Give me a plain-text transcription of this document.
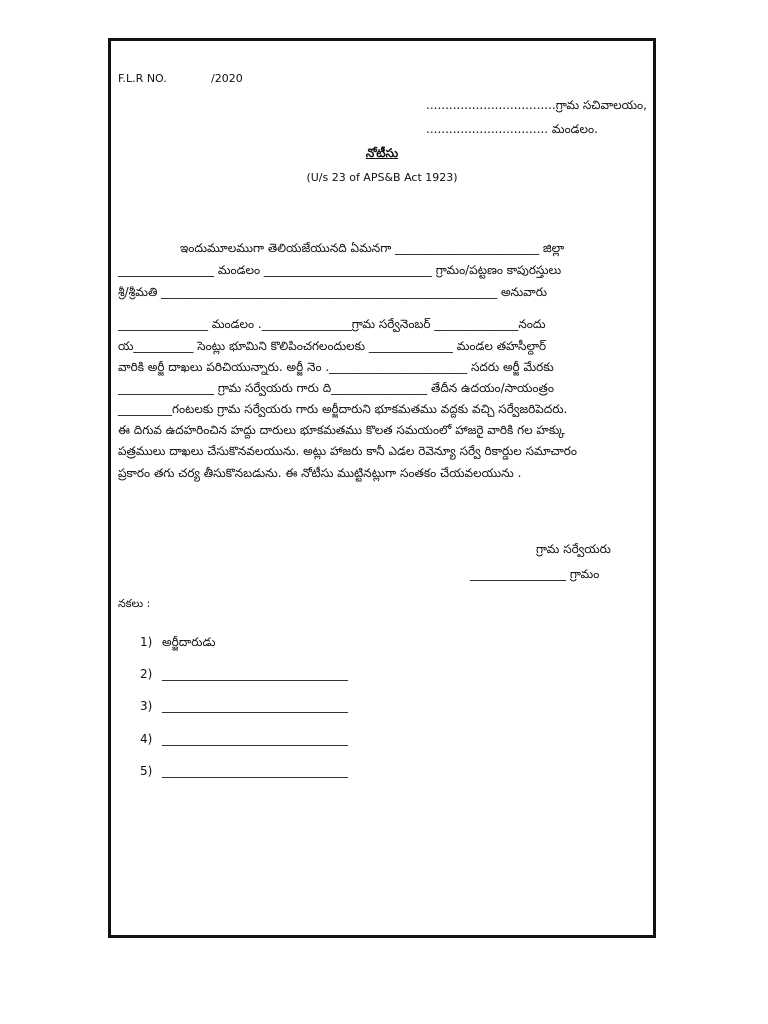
F.L.R NO.	/2020
..................................గ్రామ సచివాలయం,
................................ మండలం.
నోటీసు
(U/s 23 of APS&B Act 1923)
ఇందుమూలముగా తెలియజేయునది ఏమనగా ________________________ జిల్లా
________________ మండలం ____________________________ గ్రామం/పట్టణం కాపురస్తులు
శ్రీ/శ్రీమతి ________________________________________________________ అనువారు
_______________ మండలం ._______________గ్రామ సర్వేనెంబర్ ______________నందు
య__________ సెంట్లు భూమిని కొలిపించగలందులకు ______________ మండల తహసీల్దార్
వారికి అర్జీ దాఖలు పరిచియున్నారు. అర్జీ నెం ._______________________ సదరు అర్జీ మేరకు
________________ గ్రామ సర్వేయరు గారు ది________________ తేదీన ఉదయం/సాయంత్రం
_________గంటలకు గ్రామ సర్వేయరు గారు అర్జీదారుని భూకమతము వద్దకు వచ్చి సర్వేజరిపెదరు.
ఈ దిగువ ఉదహరించిన హద్దు దారులు భూకమతము కొలత సమయంలో హాజరై వారికి గల హక్కు
పత్రములు దాఖలు చేసుకొనవలయును. అట్లు హాజరు కానీ ఎడల రెవెన్యూ సర్వే రికార్డుల సమాచారం
ప్రకారం తగు చర్య తీసుకొనబడును. ఈ నోటీసు ముట్టినట్లుగా సంతకం చేయవలయును .
గ్రామ సర్వేయరు
________________ గ్రామం
నకలు :
1) అర్జీదారుడు
2) _______________________________
3) _______________________________
4) _______________________________
5) _______________________________
